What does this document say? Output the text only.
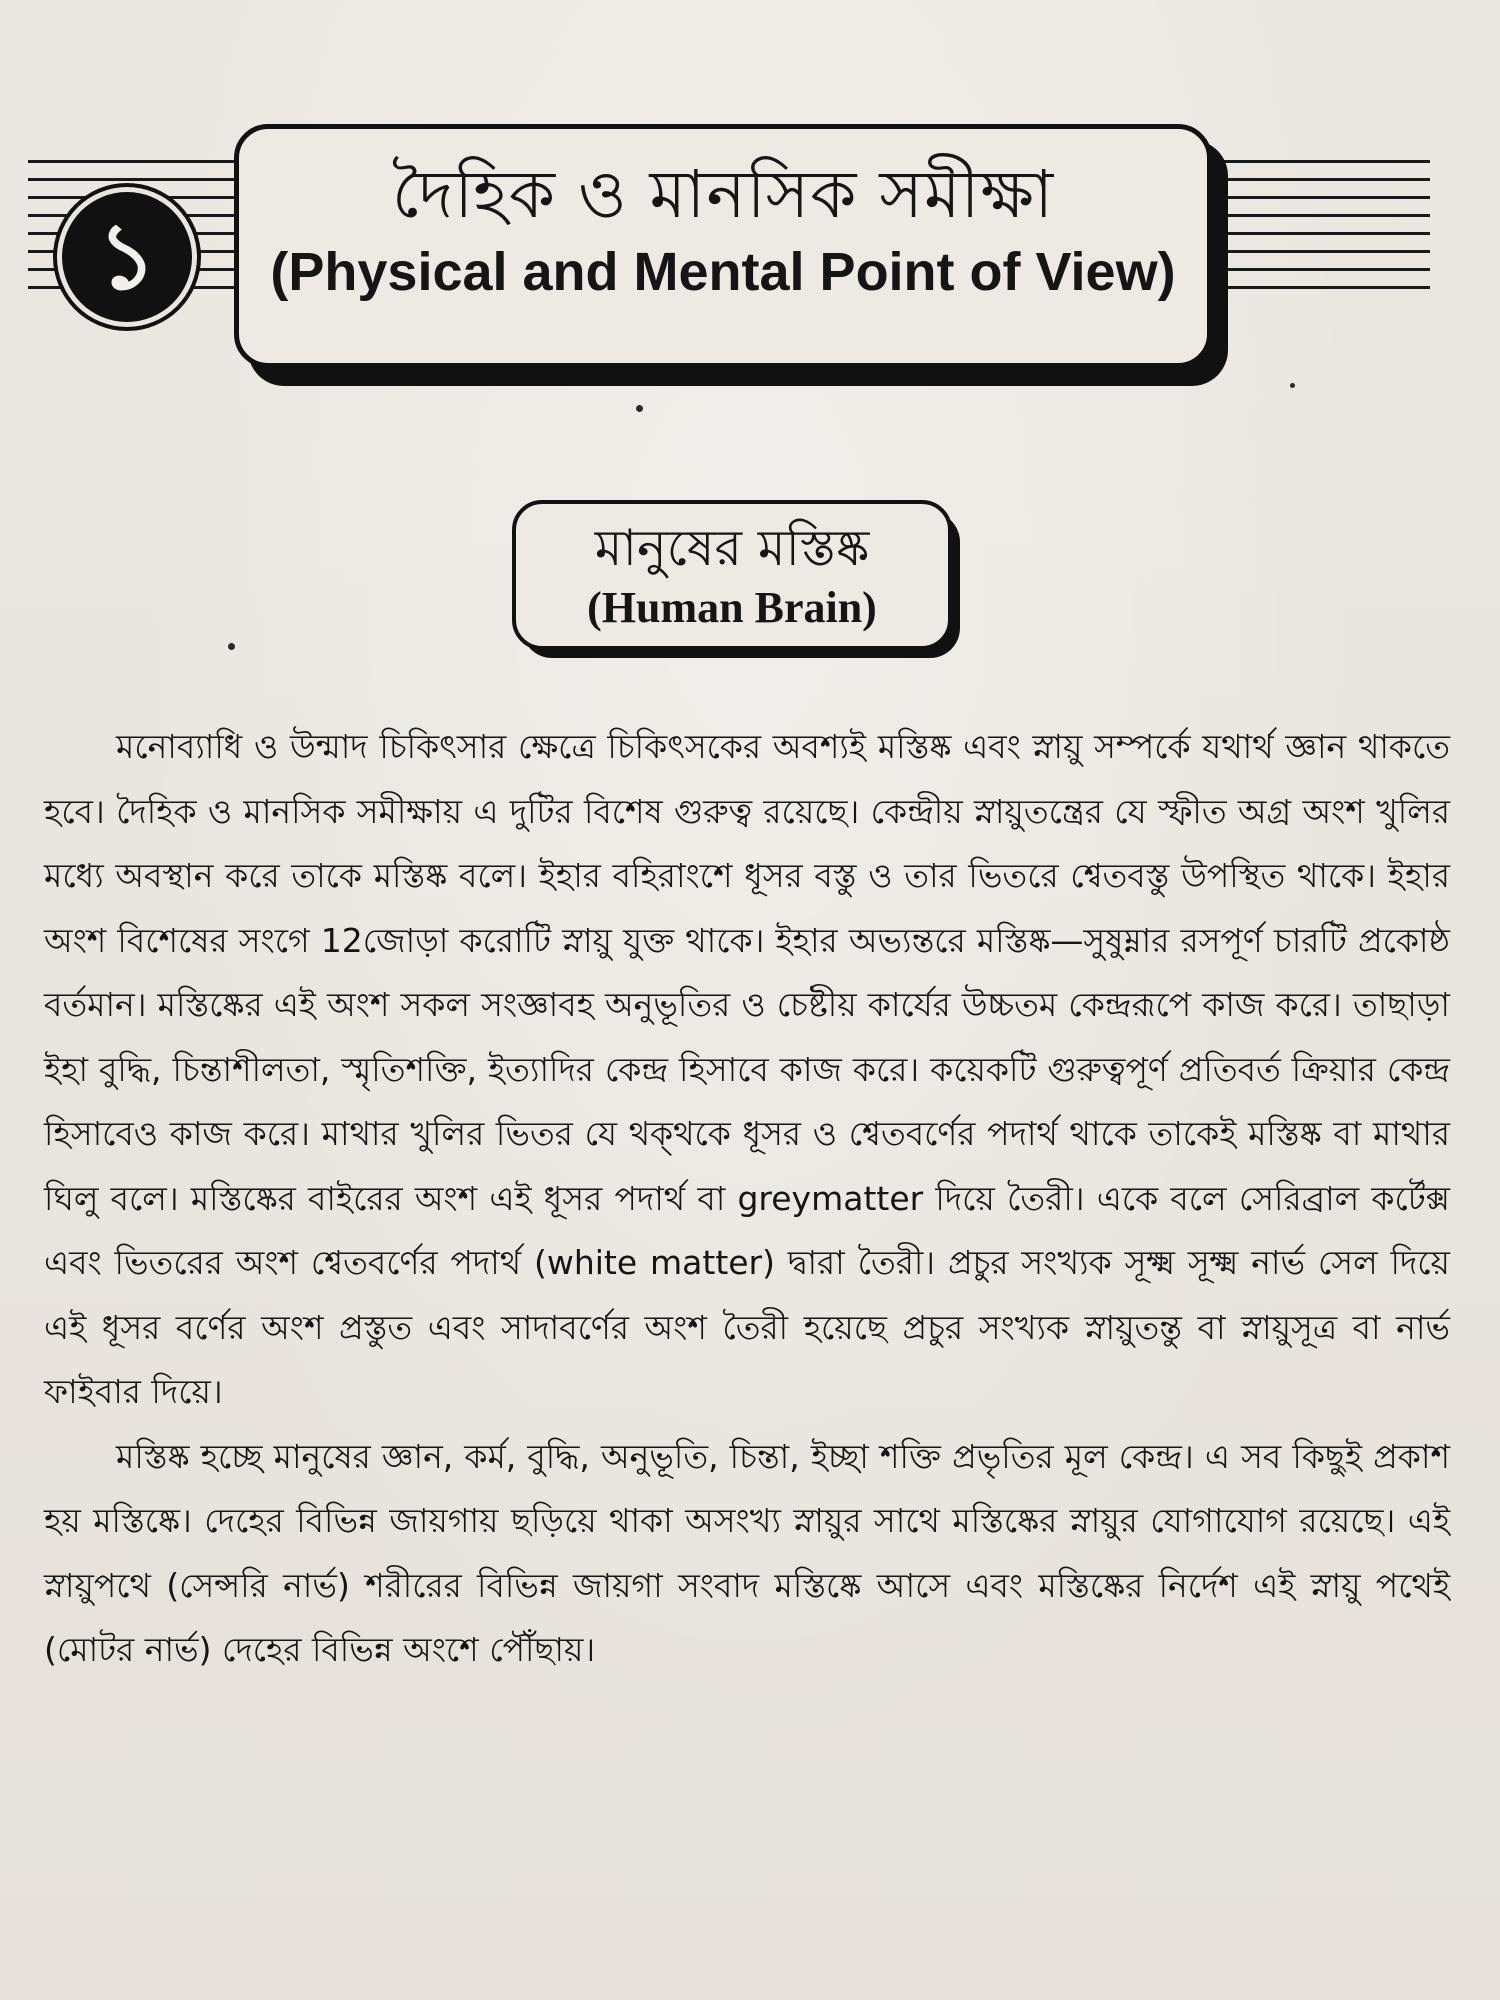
১
দৈহিক ও মানসিক সমীক্ষা
(Physical and Mental Point of View)
মানুষের মস্তিষ্ক
(Human Brain)

মনোব্যাধি ও উন্মাদ চিকিৎসার ক্ষেত্রে চিকিৎসকের অবশ্যই মস্তিষ্ক এবং স্নায়ু সম্পর্কে যথার্থ জ্ঞান থাকতে হবে। দৈহিক ও মানসিক সমীক্ষায় এ দুটির বিশেষ গুরুত্ব রয়েছে। কেন্দ্রীয় স্নায়ুতন্ত্রের যে স্ফীত অগ্র অংশ খুলির মধ্যে অবস্থান করে তাকে মস্তিষ্ক বলে। ইহার বহিরাংশে ধূসর বস্তু ও তার ভিতরে শ্বেতবস্তু উপস্থিত থাকে। ইহার অংশ বিশেষের সংগে 12জোড়া করোটি স্নায়ু যুক্ত থাকে। ইহার অভ্যন্তরে মস্তিষ্ক—সুষুম্নার রসপূর্ণ চারটি প্রকোষ্ঠ বর্তমান। মস্তিষ্কের এই অংশ সকল সংজ্ঞাবহ অনুভূতির ও চেষ্টীয় কার্যের উচ্চতম কেন্দ্ররূপে কাজ করে। তাছাড়া ইহা বুদ্ধি, চিন্তাশীলতা, স্মৃতিশক্তি, ইত্যাদির কেন্দ্র হিসাবে কাজ করে। কয়েকটি গুরুত্বপূর্ণ প্রতিবর্ত ক্রিয়ার কেন্দ্র হিসাবেও কাজ করে। মাথার খুলির ভিতর যে থক্থকে ধূসর ও শ্বেতবর্ণের পদার্থ থাকে তাকেই মস্তিষ্ক বা মাথার ঘিলু বলে। মস্তিষ্কের বাইরের অংশ এই ধূসর পদার্থ বা greymatter দিয়ে তৈরী। একে বলে সেরিব্রাল কর্টেক্স এবং ভিতরের অংশ শ্বেতবর্ণের পদার্থ (white matter) দ্বারা তৈরী। প্রচুর সংখ্যক সূক্ষ্ম সূক্ষ্ম নার্ভ সেল দিয়ে এই ধূসর বর্ণের অংশ প্রস্তুত এবং সাদাবর্ণের অংশ তৈরী হয়েছে প্রচুর সংখ্যক স্নায়ুতন্তু বা স্নায়ুসূত্র বা নার্ভ ফাইবার দিয়ে।

মস্তিষ্ক হচ্ছে মানুষের জ্ঞান, কর্ম, বুদ্ধি, অনুভূতি, চিন্তা, ইচ্ছা শক্তি প্রভৃতির মূল কেন্দ্র। এ সব কিছুই প্রকাশ হয় মস্তিষ্কে। দেহের বিভিন্ন জায়গায় ছড়িয়ে থাকা অসংখ্য স্নায়ুর সাথে মস্তিষ্কের স্নায়ুর যোগাযোগ রয়েছে। এই স্নায়ুপথে (সেন্সরি নার্ভ) শরীরের বিভিন্ন জায়গা সংবাদ মস্তিষ্কে আসে এবং মস্তিষ্কের নির্দেশ এই স্নায়ু পথেই (মোটর নার্ভ) দেহের বিভিন্ন অংশে পৌঁছায়।
